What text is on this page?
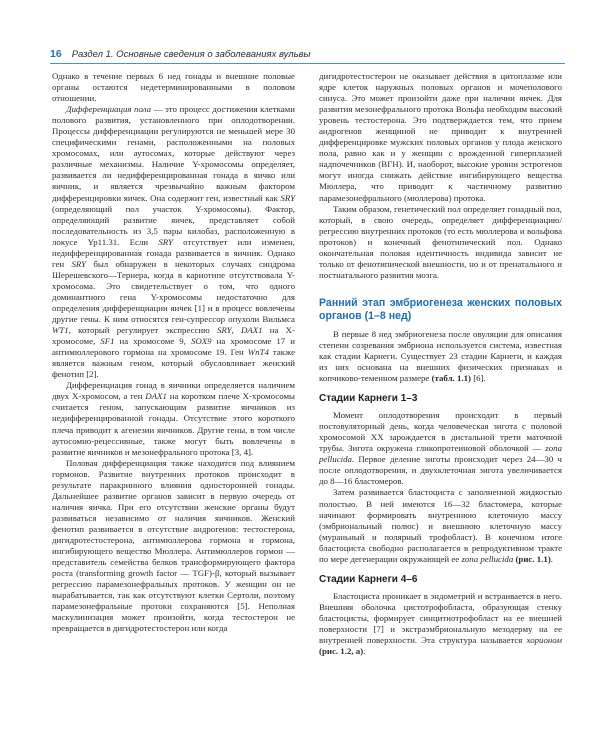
16 Раздел 1. Основные сведения о заболеваниях вульвы

Однако в течение первых 6 нед гонады и внешние половые органы остаются недетерминированными в половом отношении.

Дифференциация пола — это процесс достижения клетками полового развития, установленного при оплодотворении. Процессы дифференциации регулируются не меньшей мере 30 специфическими генами, расположенными на половых хромосомах, или аутосомах, которые действуют через различные механизмы. Наличие Y-хромосомы определяет, развивается ли недифференцированная гонада в яичко или яичник, и является чрезвычайно важным фактором дифференцировки яичек. Она содержит ген, известный как SRY (определяющий пол участок Y-хромосомы). Фактор, определяющий развитие яичек, представляет собой последовательность из 3,5 пары килобаз, расположенную в локусе Yp11.31. Если SRY отсутствует или изменен, недифференцированная гонада развивается в яичник. Однако ген SRY был обнаружен в некоторых случаях синдрома Шерешевского—Тернера, когда в кариотипе отсутствовала Y-хромосома. Это свидетельствует о том, что одного доминантного гена Y-хромосомы недостаточно для определения дифференциации яичек [1] и в процесс вовлечены другие гены. К ним относятся ген-супрессор опухоли Вильмса WT1, который регулирует экспрессию SRY, DAX1 на X-хромосоме, SF1 на хромосоме 9, SOX9 на хромосоме 17 и антимюллерового гормона на хромосоме 19. Ген WnT4 также является важным геном, который обусловливает женский фенотип [2].

Дифференциация гонад в яичники определяется наличием двух X-хромосом, а ген DAX1 на коротком плече X-хромосомы считается геном, запускающим развитие яичников из недифференцированной гонады. Отсутствие этого короткого плеча приводит к агенезии яичников. Другие гены, в том числе аутосомно-рецессивные, также могут быть вовлечены в развитие яичников и мезонефрального протока [3, 4].

Половая дифференциация также находится под влиянием гормонов. Развитие внутренних протоков происходит в результате паракринного влияния односторонней гонады. Дальнейшее развитие органов зависит в первую очередь от наличия яичка. При его отсутствии женские органы будут развиваться независимо от наличия яичников. Женский фенотип развивается в отсутствие андрогенов: тестостерона, дигидротестостерона, антимюллерова гормона и гормона, ингибирующего вещество Мюллера. Антимюллеров гормон — представитель семейства белков трансформирующего фактора роста (transforming growth factor — TGF)-β, который вызывает регрессию парамезонефральных протоков. У женщин он не вырабатывается, так как отсутствуют клетки Сертоли, поэтому парамезонефральные протоки сохраняются [5]. Неполная маскулинизация может произойти, когда тестостерон не превращается в дигидротестостерон или когда

дигидротестостерон не оказывает действия в цитоплазме или ядре клеток наружных половых органов и мочеполового синуса. Это может произойти даже при наличии яичек. Для развития мезонефрального протока Вольфа необходим высокий уровень тестостерона. Это подтверждается тем, что прием андрогенов женщиной не приводит к внутренней дифференцировке мужских половых органов у плода женского пола, равно как и у женщин с врожденной гиперплазией надпочечников (ВГН). И, наоборот, высокие уровни эстрогенов могут иногда снижать действие ингибирующего вещества Мюллера, что приводит к частичному развитию парамезонефрального (мюллерова) протока.

Таким образом, генетический пол определяет гонадный пол, который, в свою очередь, определяет дифференциацию/регрессию внутренних протоков (то есть мюллерова и вольфова протоков) и конечный фенотипический пол. Однако окончательная половая идентичность индивида зависит не только от фенотипической внешности, но и от пренатального и постнатального развития мозга.

Ранний этап эмбриогенеза женских половых органов (1–8 нед)

В первые 8 нед эмбриогенеза после овуляции для описания степени созревания эмбриона используется система, известная как стадии Карнеги. Существует 23 стадии Карнеги, и каждая из них основана на внешних физических признаках и копчиково-теменном размере (табл. 1.1) [6].

Стадии Карнеги 1–3

Момент оплодотворения происходит в первый постовуляторный день, когда человеческая зигота с половой хромосомой XX зарождается в дистальной трети маточной трубы. Зигота окружена гликопротеиновой оболочкой — zona pellucida. Первое деление зиготы происходит через 24—30 ч после оплодотворения, и двухклеточная зигота увеличивается до 8—16 бластомеров.

Затем развивается бластоциста с заполненной жидкостью полостью. В ней имеются 16—32 бластомера, которые начинают формировать внутреннюю клеточную массу (эмбриональный полюс) и внешнюю клеточную массу (мураньный и полярный трофобласт). В конечном итоге бластоциста свободно располагается в репродуктивном тракте по мере дегенерации окружающей ее zona pellucida (рис. 1.1).

Стадии Карнеги 4–6

Бластоциста проникает в эндометрий и встраивается в него. Внешняя оболочка цистотрофобласта, образующая стенку бластоцисты, формирует синцитиотрофобласт на ее внешней поверхности [7] и экстраэмбриональную мезодерму на ее внутренней поверхности. Эта структура называется хорионом (рис. 1.2, а).
